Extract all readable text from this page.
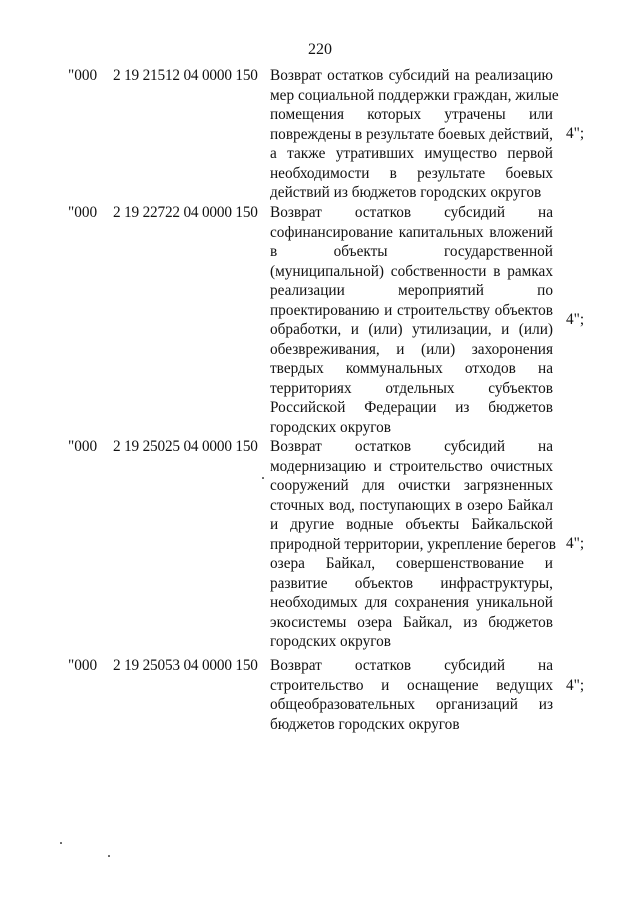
220
"000 2 19 21512 04 0000 150 Возврат остатков субсидий на реализацию
мер социальной поддержки граждан, жилые
помещения которых утрачены или
повреждены в результате боевых действий,
а также утративших имущество первой
необходимости в результате боевых
действий из бюджетов городских округов
4";
"000 2 19 22722 04 0000 150 Возврат остатков субсидий на
софинансирование капитальных вложений
в объекты государственной
(муниципальной) собственности в рамках
реализации мероприятий по
проектированию и строительству объектов
обработки, и (или) утилизации, и (или)
обезвреживания, и (или) захоронения
твердых коммунальных отходов на
территориях отдельных субъектов
Российской Федерации из бюджетов
городских округов
4";
"000 2 19 25025 04 0000 150 Возврат остатков субсидий на
модернизацию и строительство очистных
сооружений для очистки загрязненных
сточных вод, поступающих в озеро Байкал
и другие водные объекты Байкальской
природной территории, укрепление берегов
озера Байкал, совершенствование и
развитие объектов инфраструктуры,
необходимых для сохранения уникальной
экосистемы озера Байкал, из бюджетов
городских округов
4";
"000 2 19 25053 04 0000 150 Возврат остатков субсидий на
строительство и оснащение ведущих
общеобразовательных организаций из
бюджетов городских округов
4";
